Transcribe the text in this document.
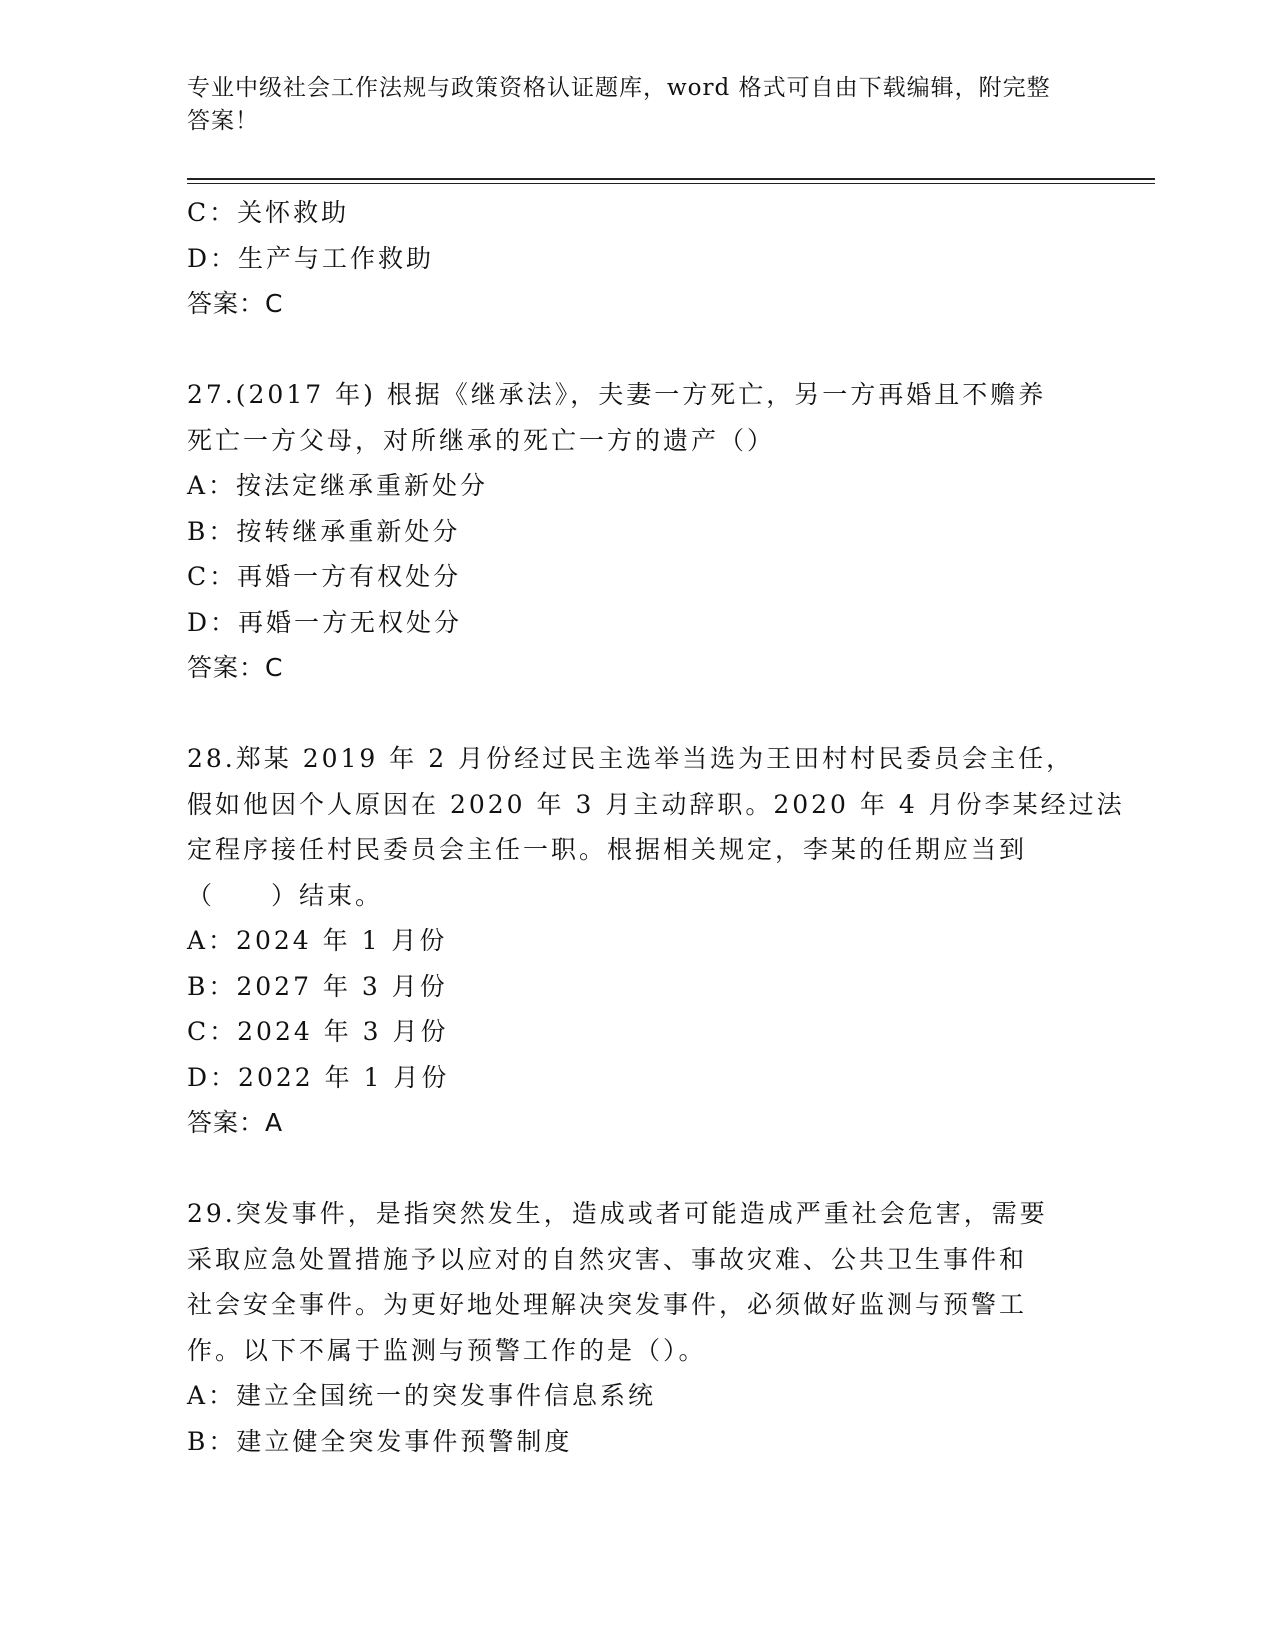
专业中级社会工作法规与政策资格认证题库，word 格式可自由下载编辑，附完整答案！
C：关怀救助
D：生产与工作救助
答案：C
27.(2017 年) 根据《继承法》，夫妻一方死亡，另一方再婚且不赡养
死亡一方父母，对所继承的死亡一方的遗产（）
A：按法定继承重新处分
B：按转继承重新处分
C：再婚一方有权处分
D：再婚一方无权处分
答案：C
28.郑某 2019 年 2 月份经过民主选举当选为王田村村民委员会主任，
假如他因个人原因在 2020 年 3 月主动辞职。2020 年 4 月份李某经过法
定程序接任村民委员会主任一职。根据相关规定，李某的任期应当到
（　　）结束。
A：2024 年 1 月份
B：2027 年 3 月份
C：2024 年 3 月份
D：2022 年 1 月份
答案：A
29.突发事件，是指突然发生，造成或者可能造成严重社会危害，需要
采取应急处置措施予以应对的自然灾害、事故灾难、公共卫生事件和
社会安全事件。为更好地处理解决突发事件，必须做好监测与预警工
作。以下不属于监测与预警工作的是（）。
A：建立全国统一的突发事件信息系统
B：建立健全突发事件预警制度
